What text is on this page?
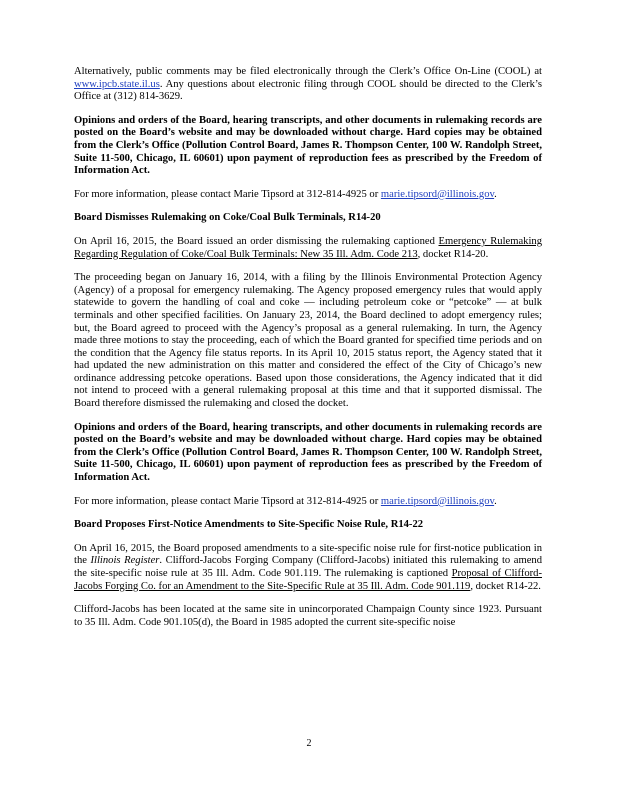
Alternatively, public comments may be filed electronically through the Clerk’s Office On-Line (COOL) at www.ipcb.state.il.us. Any questions about electronic filing through COOL should be directed to the Clerk’s Office at (312) 814-3629.

Opinions and orders of the Board, hearing transcripts, and other documents in rulemaking records are posted on the Board’s website and may be downloaded without charge. Hard copies may be obtained from the Clerk’s Office (Pollution Control Board, James R. Thompson Center, 100 W. Randolph Street, Suite 11-500, Chicago, IL 60601) upon payment of reproduction fees as prescribed by the Freedom of Information Act.

For more information, please contact Marie Tipsord at 312-814-4925 or marie.tipsord@illinois.gov.

Board Dismisses Rulemaking on Coke/Coal Bulk Terminals, R14-20

On April 16, 2015, the Board issued an order dismissing the rulemaking captioned Emergency Rulemaking Regarding Regulation of Coke/Coal Bulk Terminals: New 35 Ill. Adm. Code 213, docket R14-20.

The proceeding began on January 16, 2014, with a filing by the Illinois Environmental Protection Agency (Agency) of a proposal for emergency rulemaking. The Agency proposed emergency rules that would apply statewide to govern the handling of coal and coke — including petroleum coke or “petcoke” — at bulk terminals and other specified facilities. On January 23, 2014, the Board declined to adopt emergency rules; but, the Board agreed to proceed with the Agency’s proposal as a general rulemaking. In turn, the Agency made three motions to stay the proceeding, each of which the Board granted for specified time periods and on the condition that the Agency file status reports. In its April 10, 2015 status report, the Agency stated that it had updated the new administration on this matter and considered the effect of the City of Chicago’s new ordinance addressing petcoke operations. Based upon those considerations, the Agency indicated that it did not intend to proceed with a general rulemaking proposal at this time and that it supported dismissal. The Board therefore dismissed the rulemaking and closed the docket.

Opinions and orders of the Board, hearing transcripts, and other documents in rulemaking records are posted on the Board’s website and may be downloaded without charge. Hard copies may be obtained from the Clerk’s Office (Pollution Control Board, James R. Thompson Center, 100 W. Randolph Street, Suite 11-500, Chicago, IL 60601) upon payment of reproduction fees as prescribed by the Freedom of Information Act.

For more information, please contact Marie Tipsord at 312-814-4925 or marie.tipsord@illinois.gov.

Board Proposes First-Notice Amendments to Site-Specific Noise Rule, R14-22

On April 16, 2015, the Board proposed amendments to a site-specific noise rule for first-notice publication in the Illinois Register. Clifford-Jacobs Forging Company (Clifford-Jacobs) initiated this rulemaking to amend the site-specific noise rule at 35 Ill. Adm. Code 901.119. The rulemaking is captioned Proposal of Clifford-Jacobs Forging Co. for an Amendment to the Site-Specific Rule at 35 Ill. Adm. Code 901.119, docket R14-22.

Clifford-Jacobs has been located at the same site in unincorporated Champaign County since 1923. Pursuant to 35 Ill. Adm. Code 901.105(d), the Board in 1985 adopted the current site-specific noise

2
